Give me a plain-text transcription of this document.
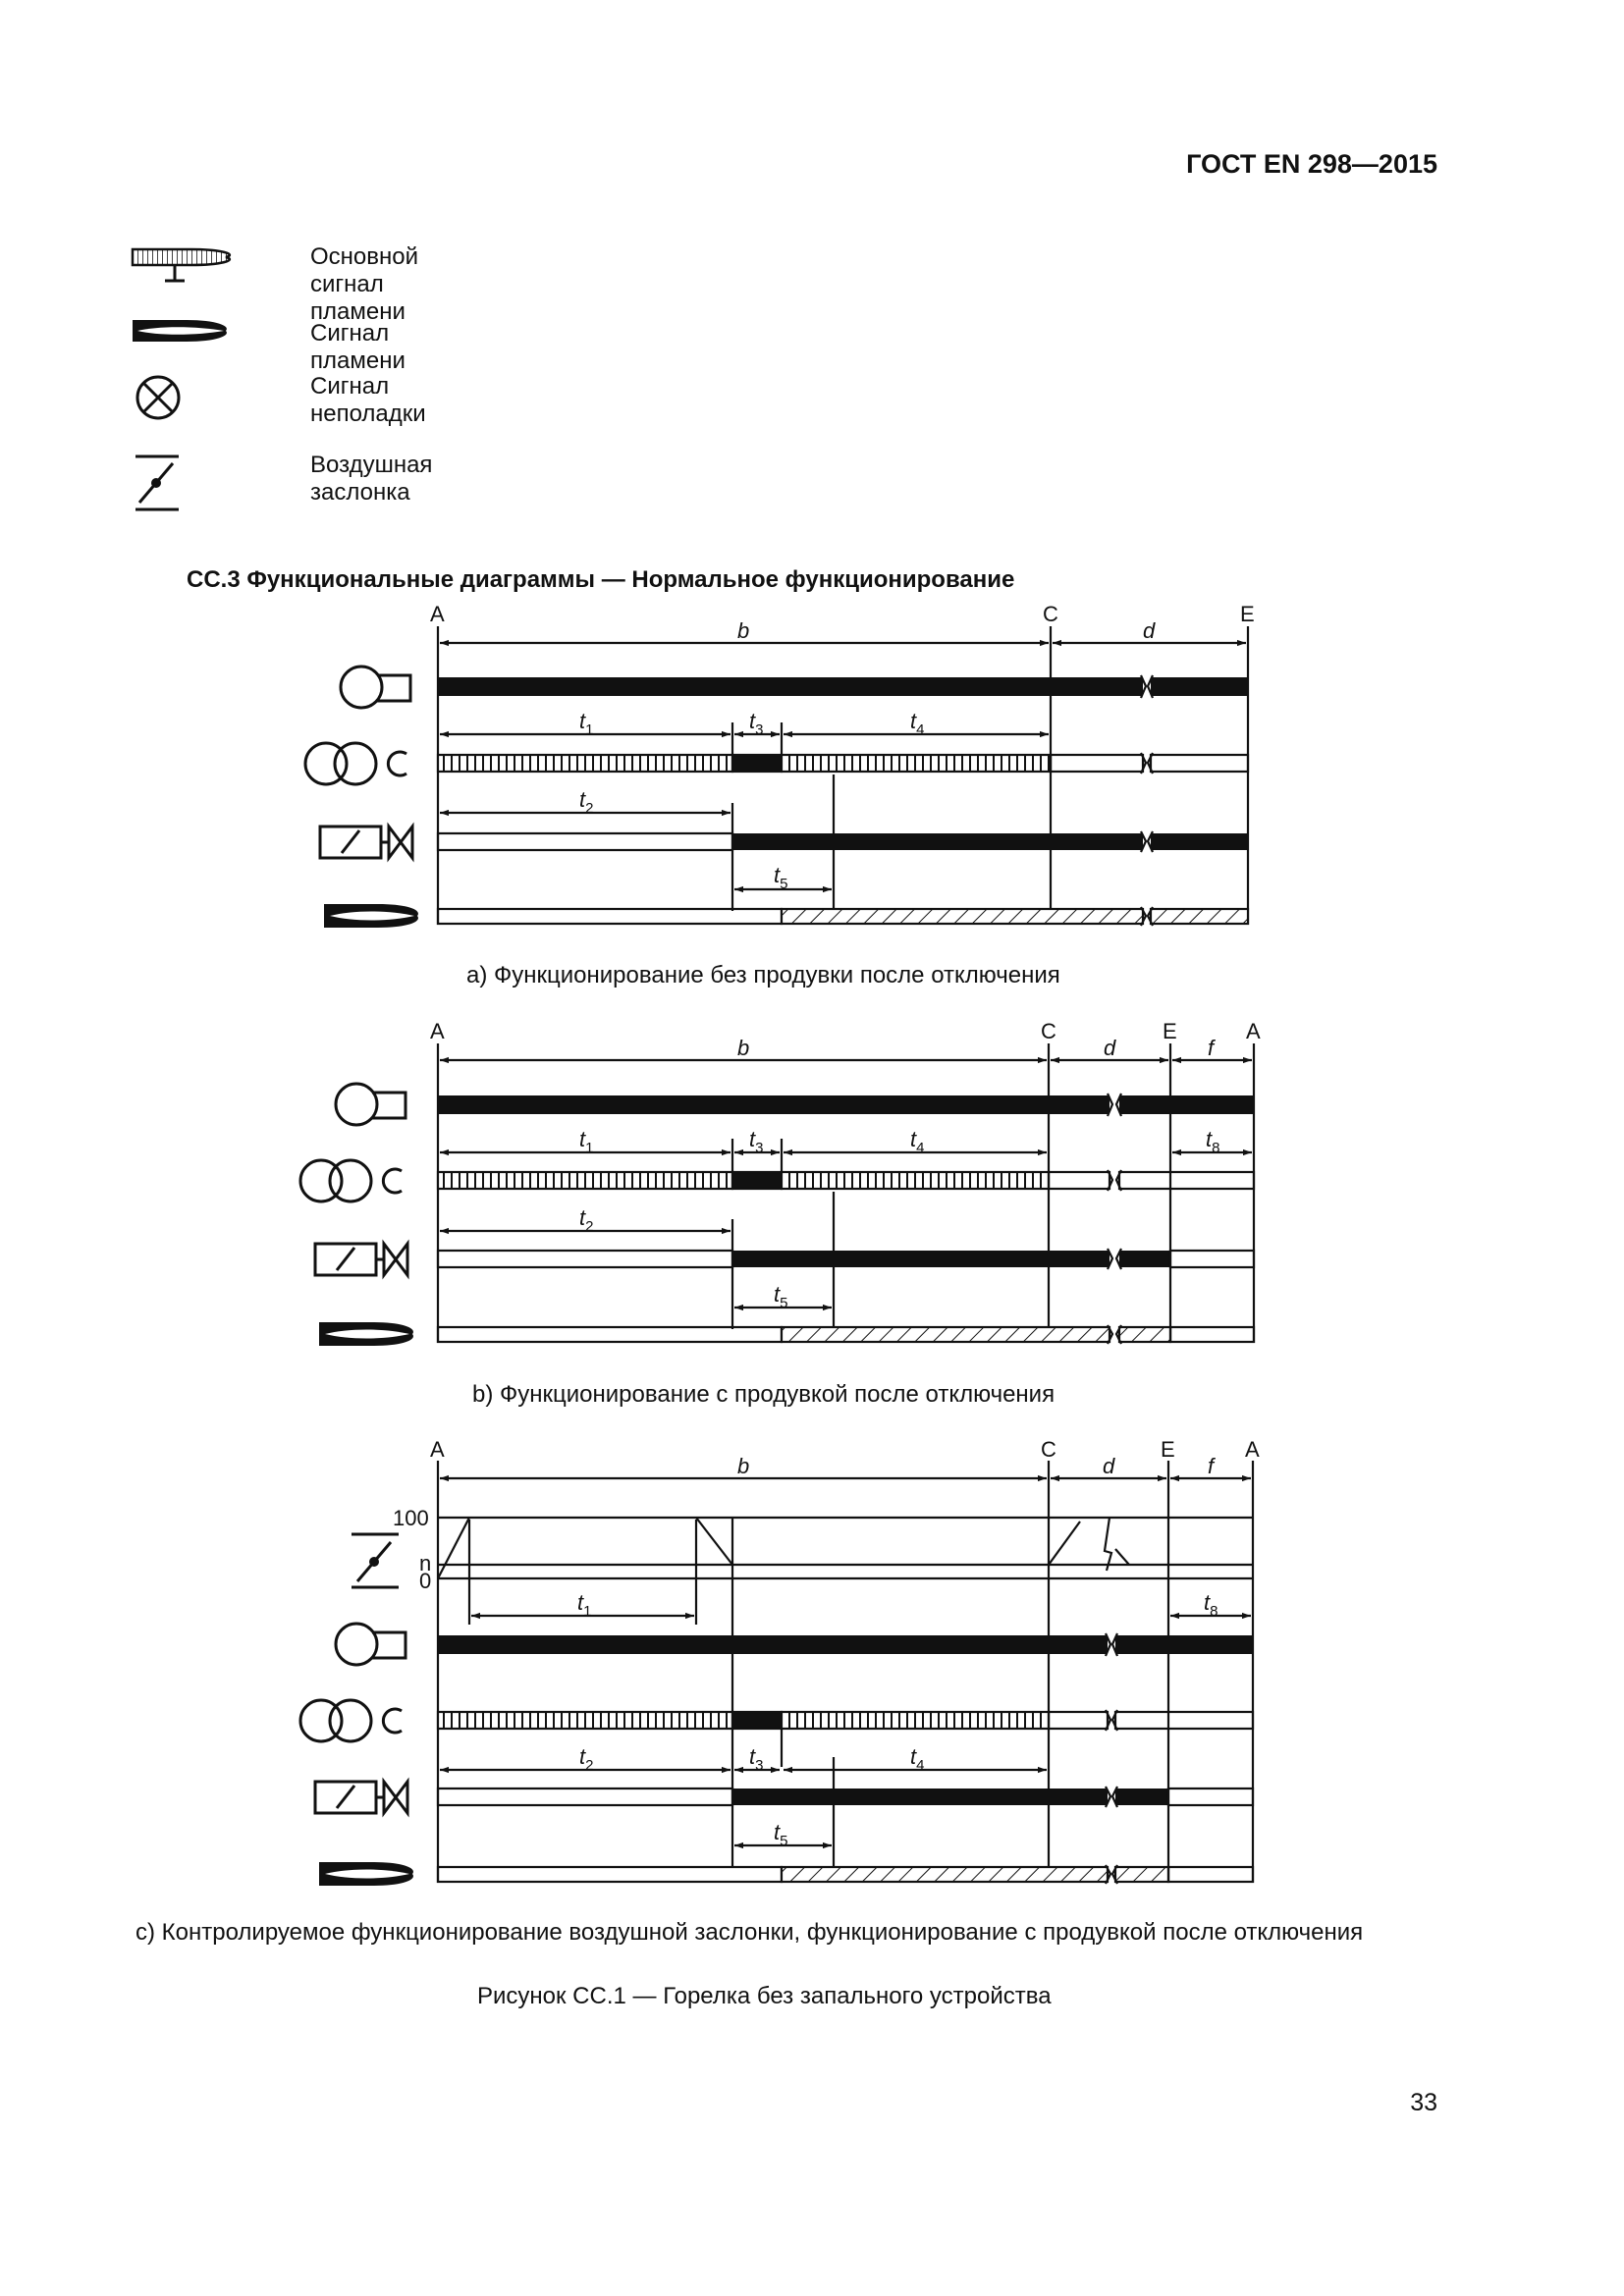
ГОСТ EN 298—2015
Основной сигнал пламени
Сигнал пламени
Сигнал неполадки
Воздушная заслонка
CC.3 Функциональные диаграммы — Нормальное функционирование
A	C	E
b	d
$t_1$	$t_3$	$t_4$
$t_2$
$t_5$
A	C	E	A
b	d	f
$t_1$	$t_3$	$t_4$	$t_8$
$t_2$
$t_5$
A	C	E	A
b	d	f
100
n
0
$t_1$	$t_8$
$t_2$	$t_3$	$t_4$
$t_5$
a) Функционирование без продувки после отключения
b) Функционирование с продувкой после отключения
c) Контролируемое функционирование воздушной заслонки, функционирование с продувкой после отключения
Рисунок CC.1 — Горелка без запального устройства
33
